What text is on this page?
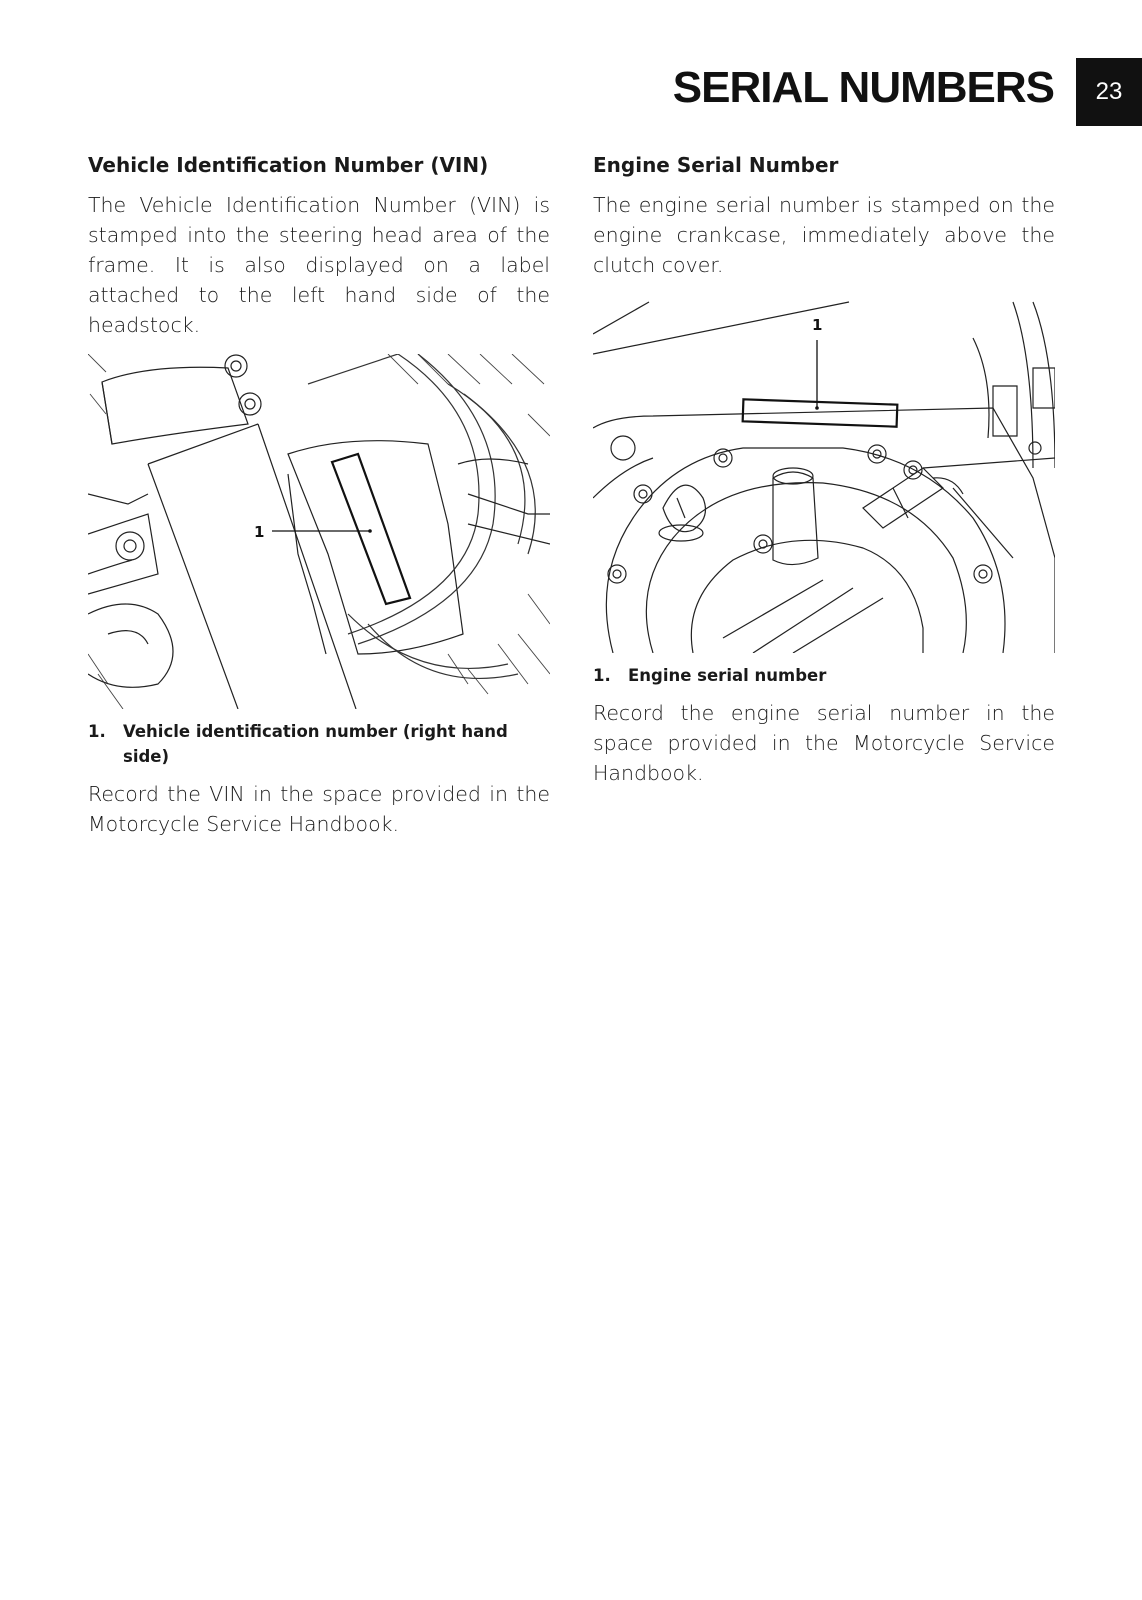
SERIAL NUMBERS	23
Vehicle Identification Number (VIN)

The Vehicle Identification Number (VIN) is stamped into the steering head area of the frame. It is also displayed on a label attached to the left hand side of the headstock.

1
1.	Vehicle identification number (right hand side)

Record the VIN in the space provided in the Motorcycle Service Handbook.

Engine Serial Number

The engine serial number is stamped on the engine crankcase, immediately above the clutch cover.

1
1.	Engine serial number

Record the engine serial number in the space provided in the Motorcycle Service Handbook.
